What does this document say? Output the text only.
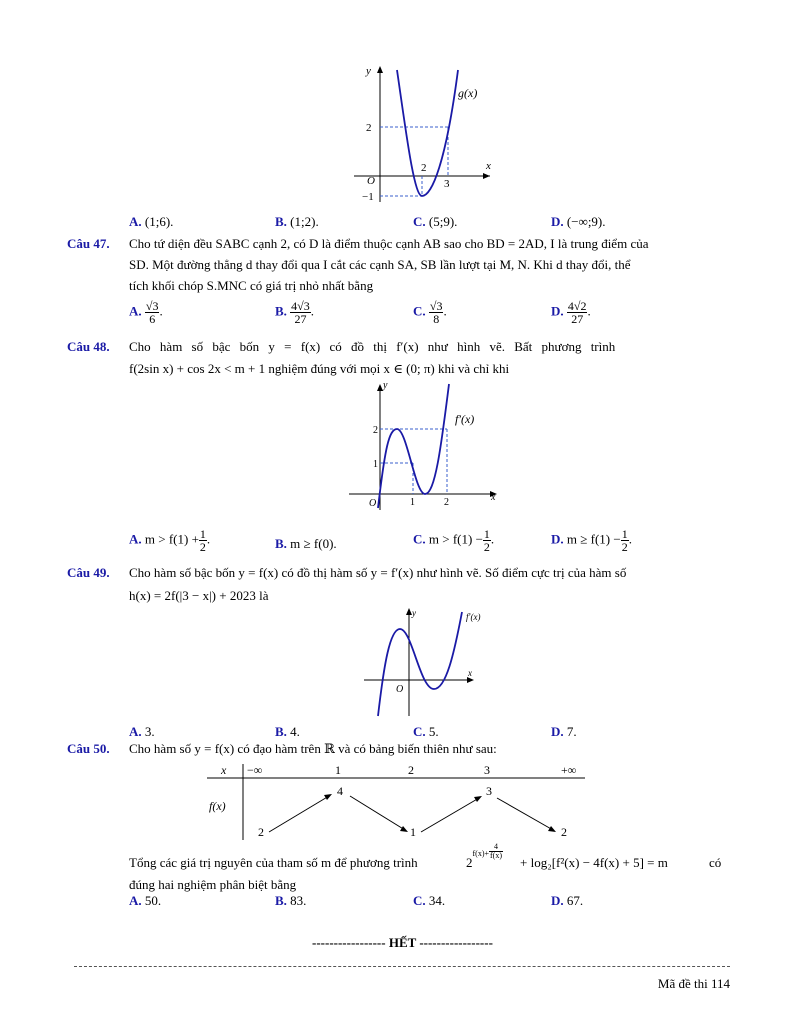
y
x
O
2
−1
2
3
g(x)
A. (1;6).	B. (1;2).	C. (5;9).	D. (−∞;9).
Câu 47. Cho tứ diện đều SABC cạnh 2, có D là điểm thuộc cạnh AB sao cho BD = 2AD, I là trung điểm của
SD. Một đường thẳng d thay đổi qua I cắt các cạnh SA, SB lần lượt tại M, N. Khi d thay đổi, thể
tích khối chóp S.MNC có giá trị nhỏ nhất bằng
A. $\frac{√3}{6}$ .	B. $\frac{4√3}{27}$ .	C. $\frac{√3}{8}$ .	D. $\frac{4√2}{27}$ .
Câu 48. Cho hàm số bậc bốn y = f(x) có đồ thị f′(x) như hình vẽ. Bất phương trình
f(2sin x) + cos 2x < m + 1 nghiệm đúng với mọi x ∈ (0; π) khi và chỉ khi
y
x
O
2
1
1	2
f′(x)
A. $m > f(1) + \frac{1}{2}$ .	B. m ≥ f(0).	C. $m > f(1) - \frac{1}{2}$ .	D. $m \ge f(1) - \frac{1}{2}$ .
Câu 49. Cho hàm số bậc bốn y = f(x) có đồ thị hàm số y = f′(x) như hình vẽ. Số điểm cực trị của hàm số
h(x) = 2f(|3 − x|) + 2023 là
y
x
O
f′(x)
A. 3.	B. 4.	C. 5.	D. 7.
Câu 50. Cho hàm số y = f(x) có đạo hàm trên ℝ và có bảng biến thiên như sau:
x
f(x)
−∞	1	2	3	+∞
2
4
1
3
2
Tổng các giá trị nguyên của tham số m để phương trình	$2f(x)+ \frac{4}{f(x)}$
+ log₂[f²(x) − 4f(x) + 5] = m	có
đúng hai nghiệm phân biệt bằng
A. 50.	B. 83.	C. 34.	D. 67.
----------------- HẾT -----------------
Mã đề thi 114
